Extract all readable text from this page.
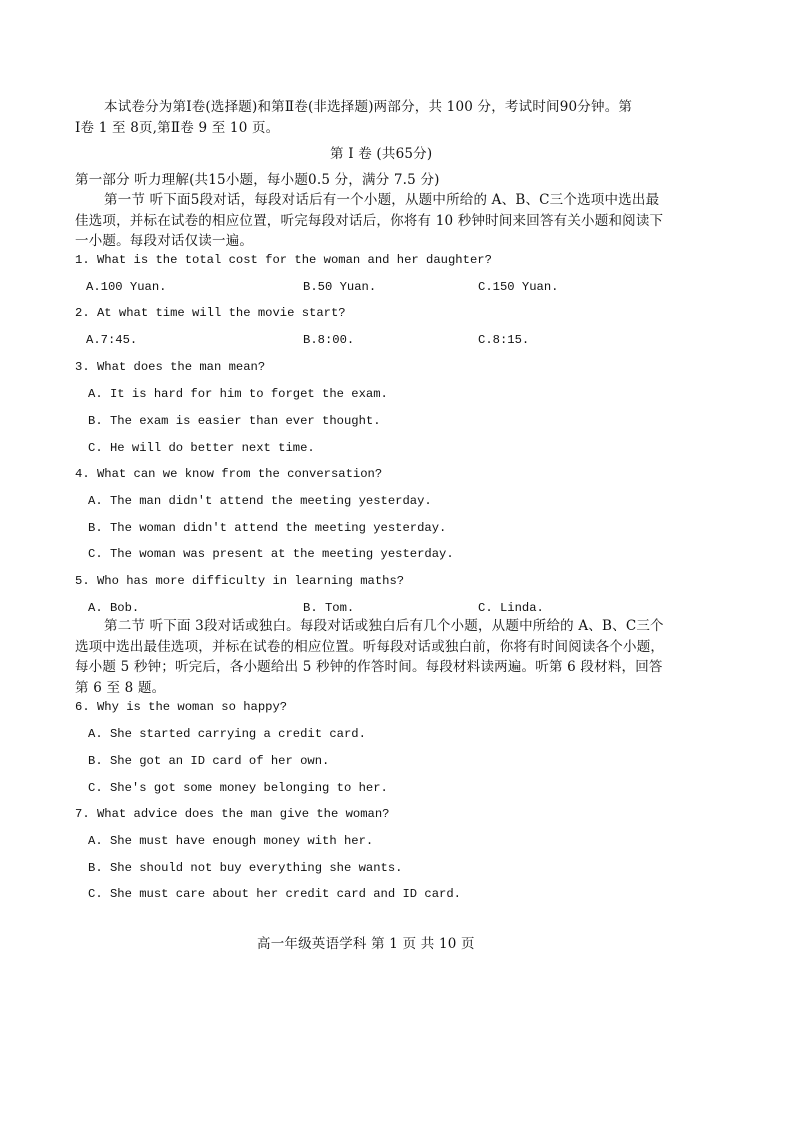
本试卷分为第Ⅰ卷(选择题)和第Ⅱ卷(非选择题)两部分，共 100 分，考试时间90分钟。第
Ⅰ卷 1 至 8页,第Ⅱ卷 9 至 10 页。
第 Ⅰ 卷 (共65分)
第一部分 听力理解(共15小题，每小题0.5 分，满分 7.5 分)
第一节 听下面5段对话，每段对话后有一个小题，从题中所给的 A、B、C三个选项中选出最佳选项，并标在试卷的相应位置，听完每段对话后，你将有 10 秒钟时间来回答有关小题和阅读下一小题。每段对话仅读一遍。
1. What is the total cost for the woman and her daughter?
A.100 Yuan.	B.50 Yuan.	C.150 Yuan.
2. At what time will the movie start?
A.7:45.	B.8:00.	C.8:15.
3. What does the man mean?
A. It is hard for him to forget the exam.
B. The exam is easier than ever thought.
C. He will do better next time.
4. What can we know from the conversation?
A. The man didn't attend the meeting yesterday.
B. The woman didn't attend the meeting yesterday.
C. The woman was present at the meeting yesterday.
5. Who has more difficulty in learning maths?
A. Bob.	B. Tom.	C. Linda.
第二节 听下面 3段对话或独白。每段对话或独白后有几个小题，从题中所给的 A、B、C三个选项中选出最佳选项，并标在试卷的相应位置。听每段对话或独白前，你将有时间阅读各个小题，每小题 5 秒钟；听完后，各小题给出 5 秒钟的作答时间。每段材料读两遍。听第 6 段材料，回答第 6 至 8 题。
6. Why is the woman so happy?
A. She started carrying a credit card.
B. She got an ID card of her own.
C. She's got some money belonging to her.
7. What advice does the man give the woman?
A. She must have enough money with her.
B. She should not buy everything she wants.
C. She must care about her credit card and ID card.
高一年级英语学科 第 1 页 共 10 页
